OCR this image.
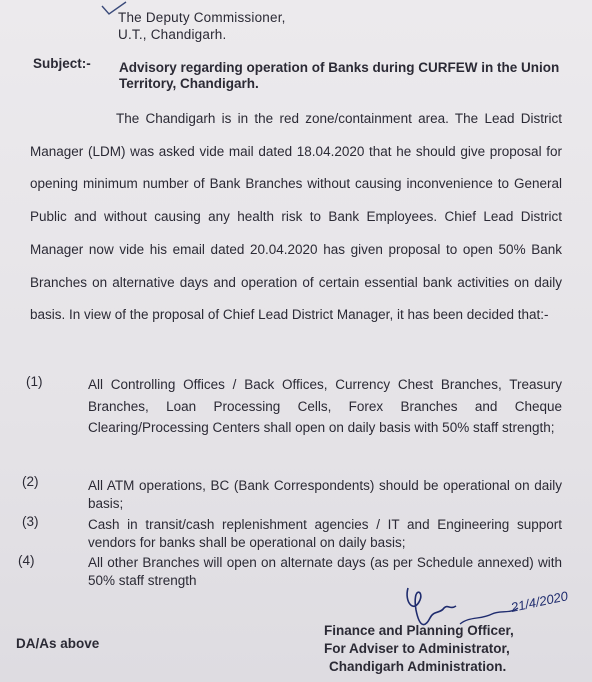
The Deputy Commissioner,
U.T., Chandigarh.
Subject:- Advisory regarding operation of Banks during CURFEW in the Union Territory, Chandigarh.
The Chandigarh is in the red zone/containment area. The Lead District Manager (LDM) was asked vide mail dated 18.04.2020 that he should give proposal for opening minimum number of Bank Branches without causing inconvenience to General Public and without causing any health risk to Bank Employees. Chief Lead District Manager now vide his email dated 20.04.2020 has given proposal to open 50% Bank Branches on alternative days and operation of certain essential bank activities on daily basis. In view of the proposal of Chief Lead District Manager, it has been decided that:-
(1)	All Controlling Offices / Back Offices, Currency Chest Branches, Treasury Branches, Loan Processing Cells, Forex Branches and Cheque Clearing/Processing Centers shall open on daily basis with 50% staff strength;
(2)	All ATM operations, BC (Bank Correspondents) should be operational on daily basis;
(3)	Cash in transit/cash replenishment agencies / IT and Engineering support vendors for banks shall be operational on daily basis;
(4)	All other Branches will open on alternate days (as per Schedule annexed) with 50% staff strength
DA/As above
21/4/2020
Finance and Planning Officer,
For Adviser to Administrator,
Chandigarh Administration.
